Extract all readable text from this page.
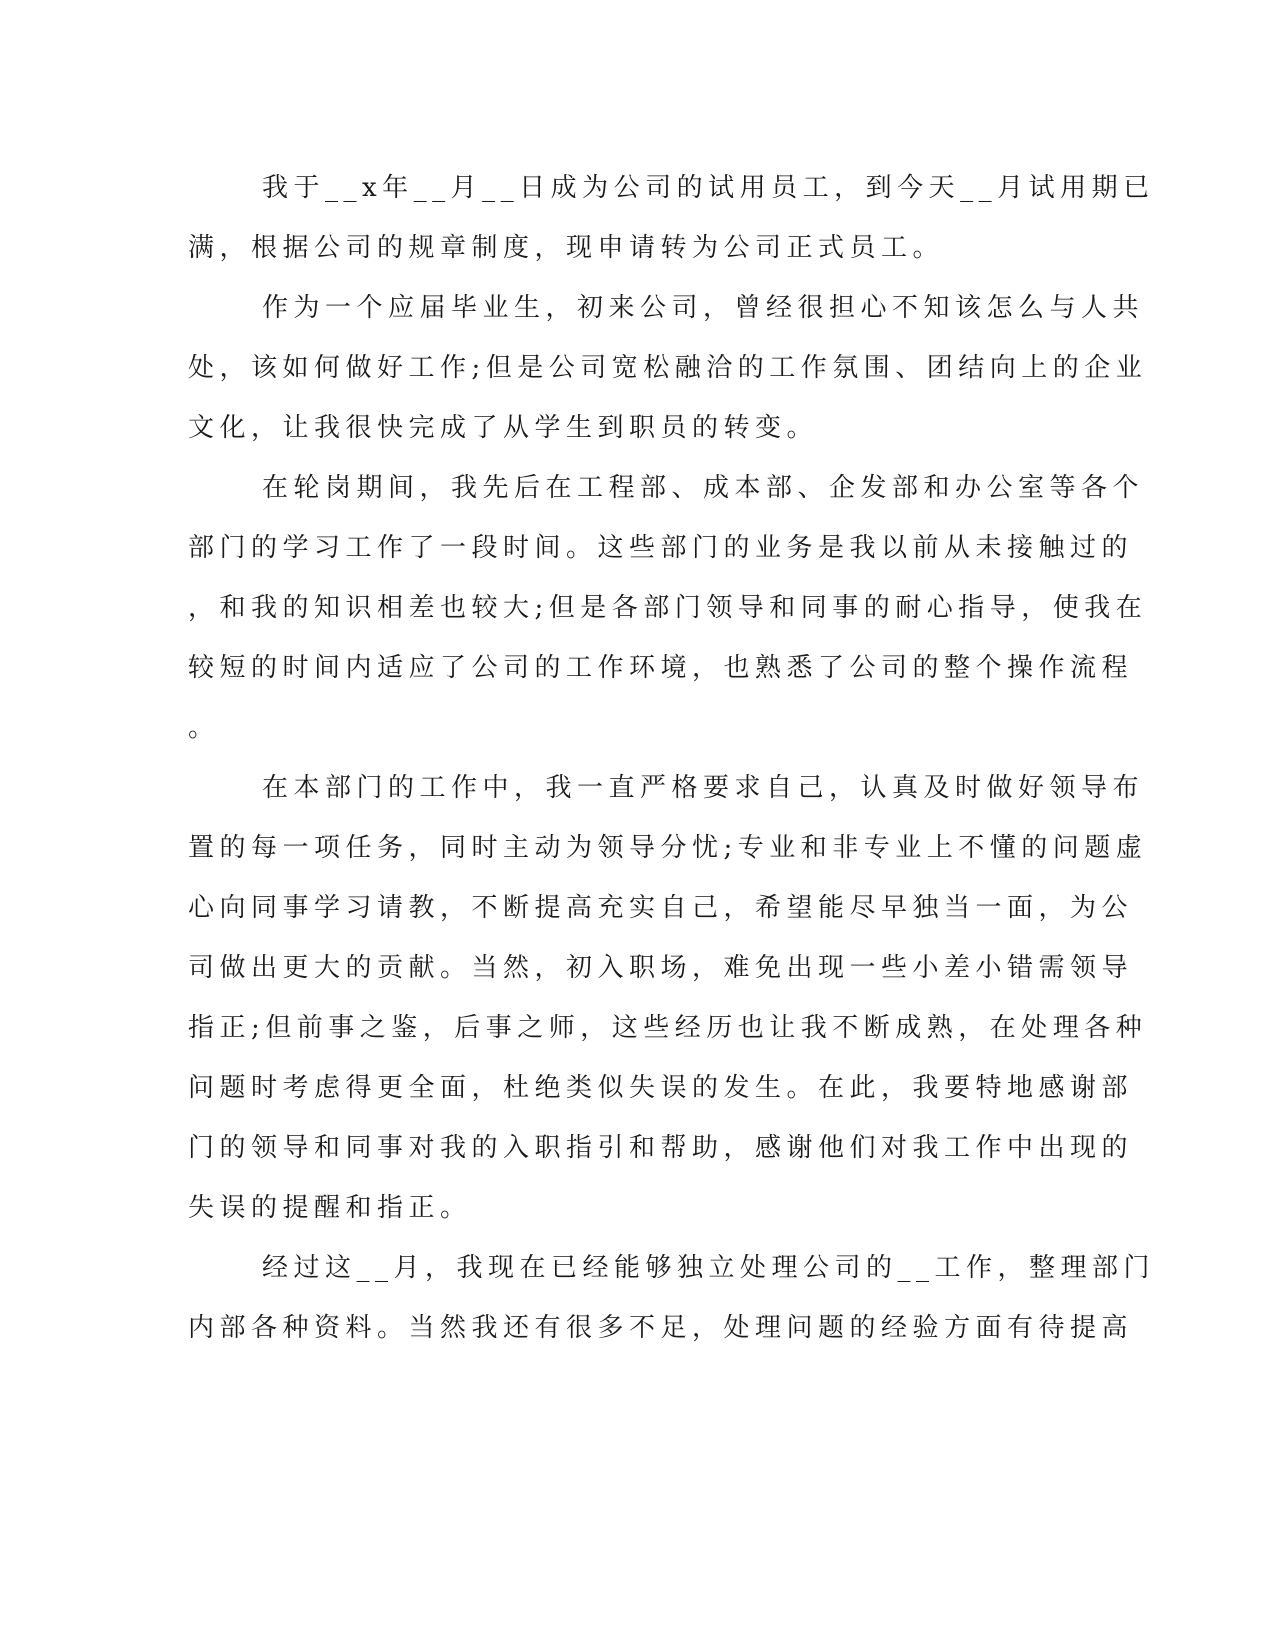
我于__x年__月__日成为公司的试用员工，到今天__月试用期已
满，根据公司的规章制度，现申请转为公司正式员工。
作为一个应届毕业生，初来公司，曾经很担心不知该怎么与人共
处，该如何做好工作;但是公司宽松融洽的工作氛围、团结向上的企业
文化，让我很快完成了从学生到职员的转变。
在轮岗期间，我先后在工程部、成本部、企发部和办公室等各个
部门的学习工作了一段时间。这些部门的业务是我以前从未接触过的
，和我的知识相差也较大;但是各部门领导和同事的耐心指导，使我在
较短的时间内适应了公司的工作环境，也熟悉了公司的整个操作流程
。
在本部门的工作中，我一直严格要求自己，认真及时做好领导布
置的每一项任务，同时主动为领导分忧;专业和非专业上不懂的问题虚
心向同事学习请教，不断提高充实自己，希望能尽早独当一面，为公
司做出更大的贡献。当然，初入职场，难免出现一些小差小错需领导
指正;但前事之鉴，后事之师，这些经历也让我不断成熟，在处理各种
问题时考虑得更全面，杜绝类似失误的发生。在此，我要特地感谢部
门的领导和同事对我的入职指引和帮助，感谢他们对我工作中出现的
失误的提醒和指正。
经过这__月，我现在已经能够独立处理公司的__工作，整理部门
内部各种资料。当然我还有很多不足，处理问题的经验方面有待提高
